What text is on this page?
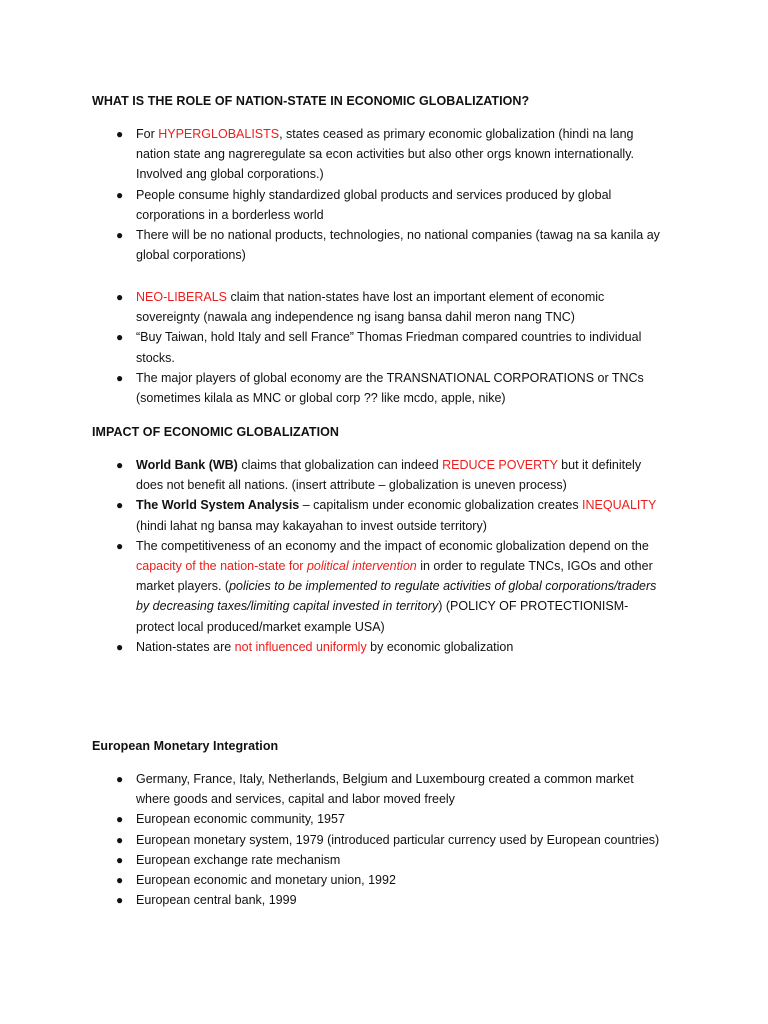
WHAT IS THE ROLE OF NATION-STATE IN ECONOMIC GLOBALIZATION?

● For HYPERGLOBALISTS, states ceased as primary economic globalization (hindi na lang nation state ang nagreregulate sa econ activities but also other orgs known internationally. Involved ang global corporations.)
● People consume highly standardized global products and services produced by global corporations in a borderless world
● There will be no national products, technologies, no national companies (tawag na sa kanila ay global corporations)
● NEO-LIBERALS claim that nation-states have lost an important element of economic sovereignty (nawala ang independence ng isang bansa dahil meron nang TNC)
● “Buy Taiwan, hold Italy and sell France” Thomas Friedman compared countries to individual stocks.
● The major players of global economy are the TRANSNATIONAL CORPORATIONS or TNCs (sometimes kilala as MNC or global corp ?? like mcdo, apple, nike)

IMPACT OF ECONOMIC GLOBALIZATION

● World Bank (WB) claims that globalization can indeed REDUCE POVERTY but it definitely does not benefit all nations. (insert attribute – globalization is uneven process)
● The World System Analysis – capitalism under economic globalization creates INEQUALITY (hindi lahat ng bansa may kakayahan to invest outside territory)
● The competitiveness of an economy and the impact of economic globalization depend on the capacity of the nation-state for political intervention in order to regulate TNCs, IGOs and other market players. (policies to be implemented to regulate activities of global corporations/traders by decreasing taxes/limiting capital invested in territory) (POLICY OF PROTECTIONISM-protect local produced/market example USA)
● Nation-states are not influenced uniformly by economic globalization

European Monetary Integration

● Germany, France, Italy, Netherlands, Belgium and Luxembourg created a common market where goods and services, capital and labor moved freely
● European economic community, 1957
● European monetary system, 1979 (introduced particular currency used by European countries)
● European exchange rate mechanism
● European economic and monetary union, 1992
● European central bank, 1999
